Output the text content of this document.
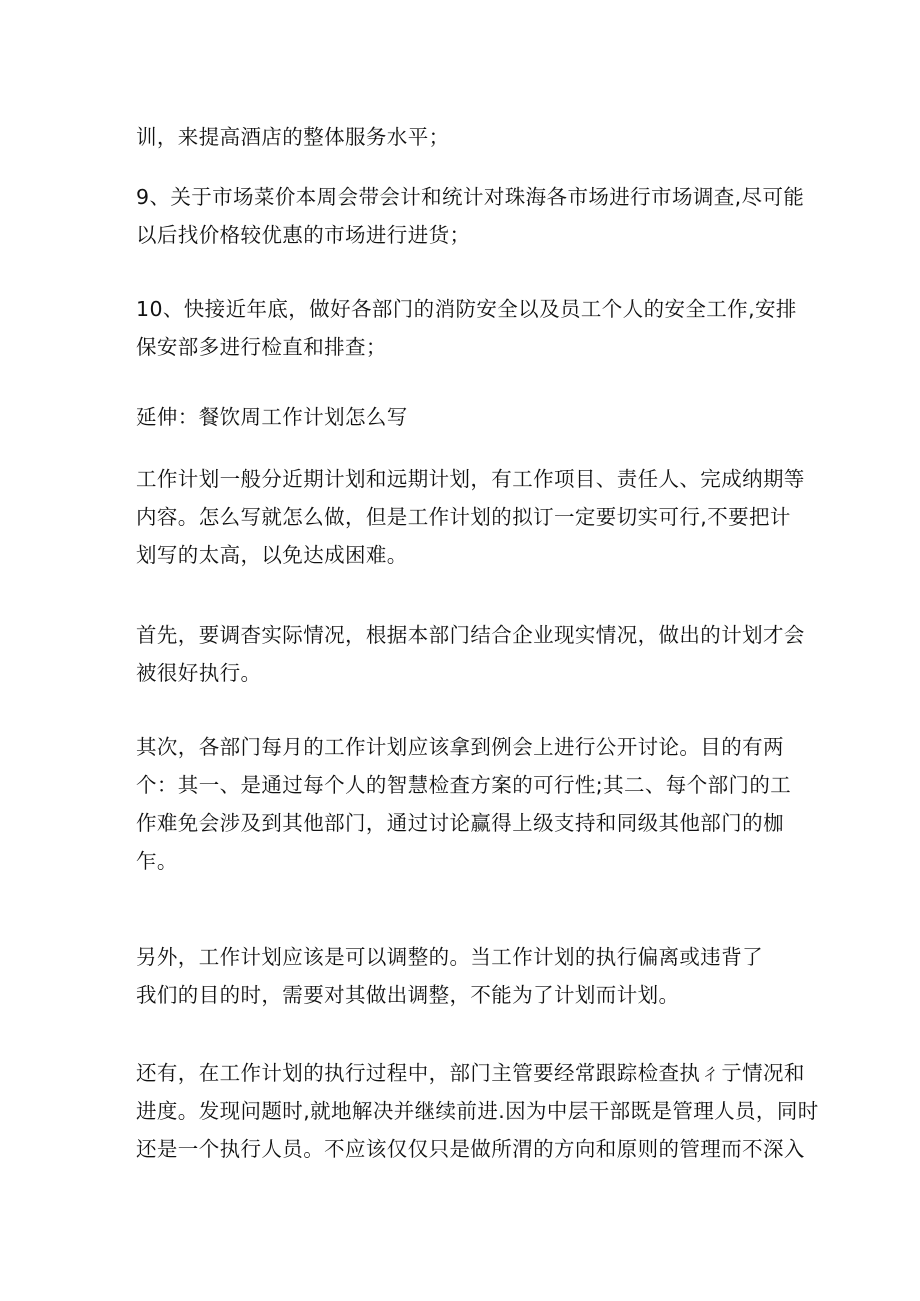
训，来提高酒店的整体服务水平；
9、关于市场菜价本周会带会计和统计对珠海各市场进行市场调查,尽可能
以后找价格较优惠的市场进行进货；
10、快接近年底，做好各部门的消防安全以及员工个人的安全工作,安排
保安部多进行检直和排查；
延伸：餐饮周工作计划怎么写
工作计划一般分近期计划和远期计划，有工作项目、责任人、完成纳期等
内容。怎么写就怎么做，但是工作计划的拟订一定要切实可行,不要把计
划写的太高，以免达成困难。
首先，要调杳实际情况，根据本部门结合企业现实情况，做出的计划才会
被很好执行。
其次，各部门每月的工作计划应该拿到例会上进行公开讨论。目的有两
个：其一、是通过每个人的智慧检査方案的可行性;其二、每个部门的工
作难免会涉及到其他部门，通过讨论赢得上级支持和同级其他部门的枷
乍。
另外，工作计划应该是可以调整的。当工作计划的执行偏离或违背了
我们的目的时，需要对其做出调整，不能为了计划而计划。
还有，在工作计划的执行过程中，部门主管要经常跟踪检查执ㄔ亍情况和
进度。发现问题时,就地解决并继续前进.因为中层干部既是管理人员，同时
还是一个执行人员。不应该仅仅只是做所渭的方向和原则的管理而不深入
